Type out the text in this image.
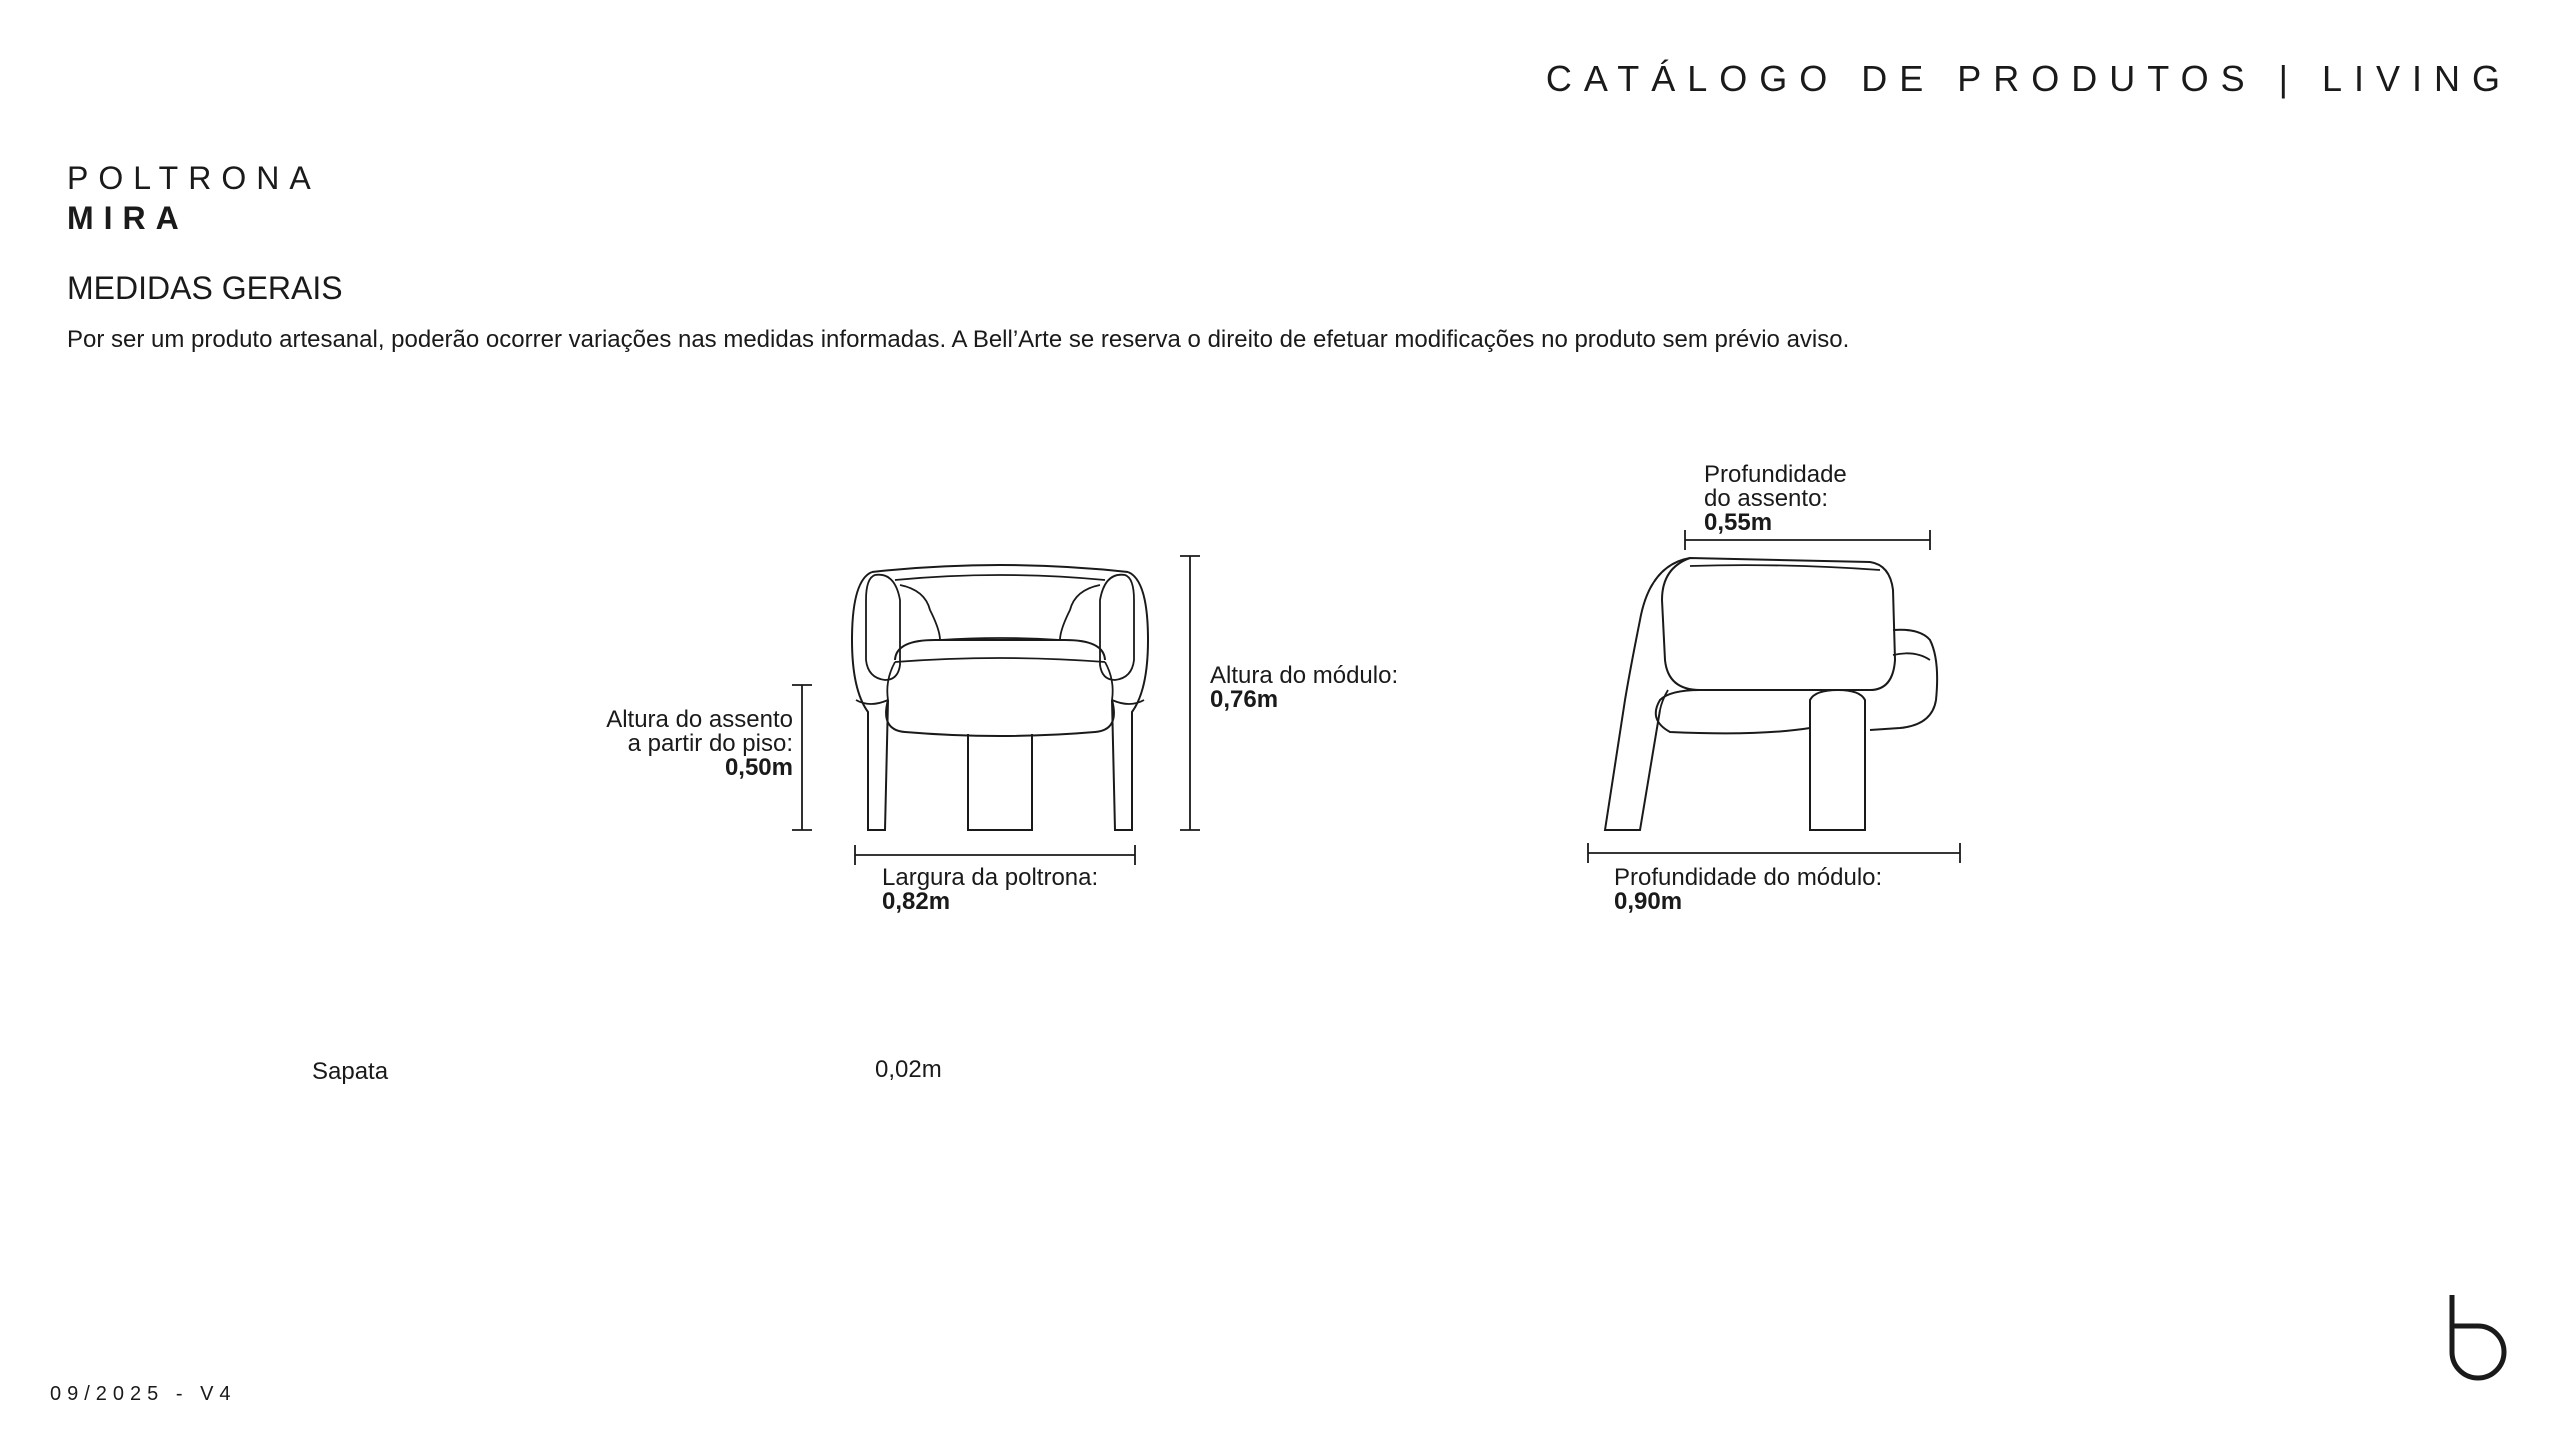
CATÁLOGO DE PRODUTOS | LIVING
POLTRONA
MIRA
MEDIDAS GERAIS
Por ser um produto artesanal, poderão ocorrer variações nas medidas informadas. A Bell’Arte se reserva o direito de efetuar modificações no produto sem prévio aviso.
Altura do assento
a partir do piso:
0,50m
Altura do módulo:
0,76m
Largura da poltrona:
0,82m
Profundidade
do assento:
0,55m
Profundidade do módulo:
0,90m
Sapata	0,02m
09/2025 - V4
